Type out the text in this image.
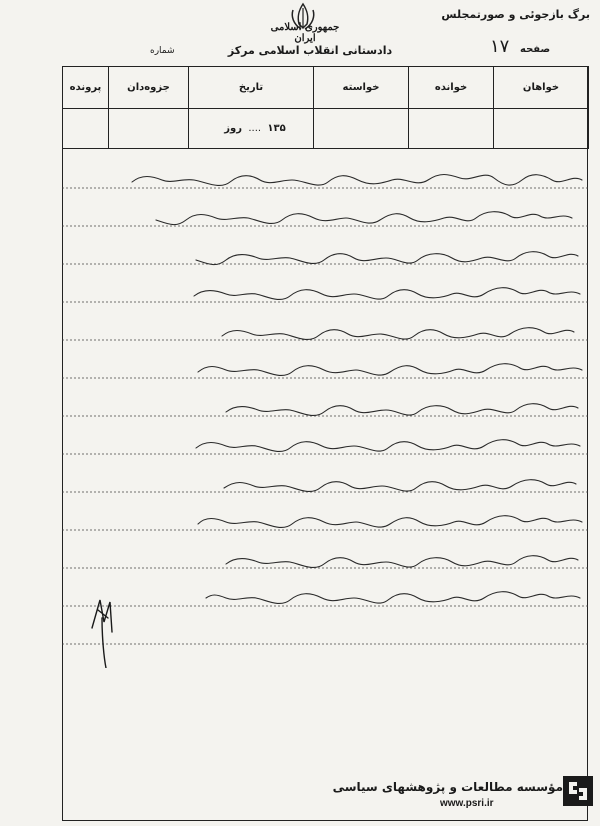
برگ بازجوئی و صورتمجلس
صفحه
۱۷
جمهوری اسلامی ایران
دادستانی انقلاب اسلامی مرکز
شماره
خواهان	خوانده	خواسته	تاریخ	جزوه‌دان	پرونده
			۱۳۵  ....  روز		
مؤسسه مطالعات و پژوهشهای سیاسی
www.psri.ir
